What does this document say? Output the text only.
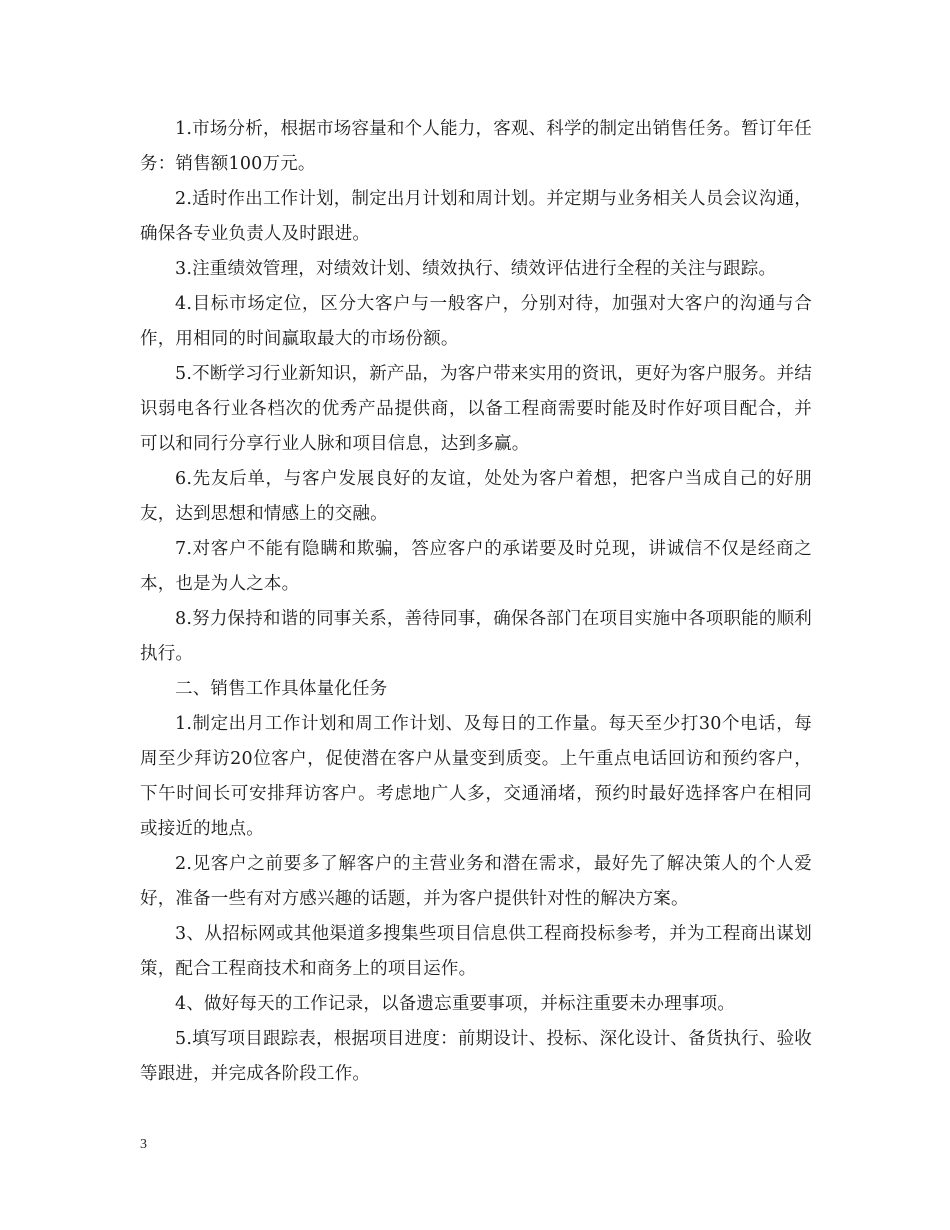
1.市场分析，根据市场容量和个人能力，客观、科学的制定出销售任务。暂订年任务：销售额100万元。

2.适时作出工作计划，制定出月计划和周计划。并定期与业务相关人员会议沟通，确保各专业负责人及时跟进。

3.注重绩效管理，对绩效计划、绩效执行、绩效评估进行全程的关注与跟踪。

4.目标市场定位，区分大客户与一般客户，分别对待，加强对大客户的沟通与合作，用相同的时间赢取最大的市场份额。

5.不断学习行业新知识，新产品，为客户带来实用的资讯，更好为客户服务。并结识弱电各行业各档次的优秀产品提供商，以备工程商需要时能及时作好项目配合，并可以和同行分享行业人脉和项目信息，达到多赢。

6.先友后单，与客户发展良好的友谊，处处为客户着想，把客户当成自己的好朋友，达到思想和情感上的交融。

7.对客户不能有隐瞒和欺骗，答应客户的承诺要及时兑现，讲诚信不仅是经商之本，也是为人之本。

8.努力保持和谐的同事关系，善待同事，确保各部门在项目实施中各项职能的顺利执行。

二、销售工作具体量化任务

1.制定出月工作计划和周工作计划、及每日的工作量。每天至少打30个电话，每周至少拜访20位客户，促使潜在客户从量变到质变。上午重点电话回访和预约客户，下午时间长可安排拜访客户。考虑地广人多，交通涌堵，预约时最好选择客户在相同或接近的地点。

2.见客户之前要多了解客户的主营业务和潜在需求，最好先了解决策人的个人爱好，准备一些有对方感兴趣的话题，并为客户提供针对性的解决方案。

3、从招标网或其他渠道多搜集些项目信息供工程商投标参考，并为工程商出谋划策，配合工程商技术和商务上的项目运作。

4、做好每天的工作记录，以备遗忘重要事项，并标注重要未办理事项。

5.填写项目跟踪表，根据项目进度：前期设计、投标、深化设计、备货执行、验收等跟进，并完成各阶段工作。

3
